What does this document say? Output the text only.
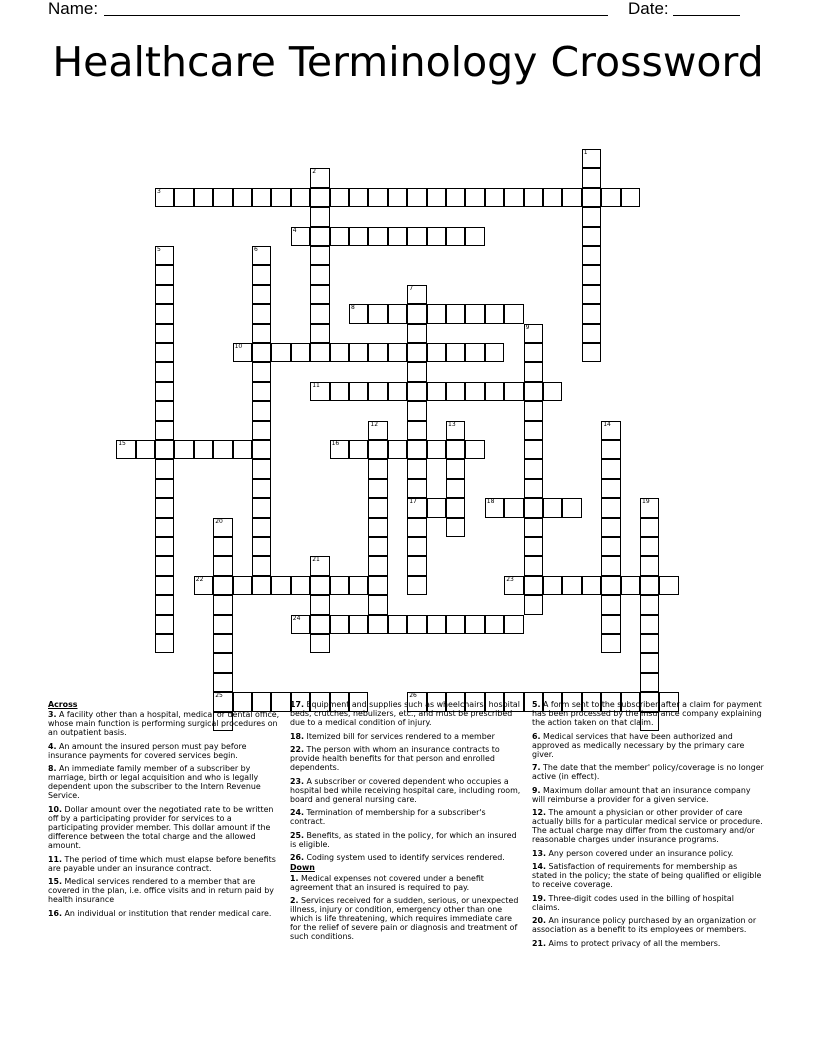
Name:	Date:
Healthcare Terminology Crossword
1
2
3
4
5	6
7
17
8
9
10
11
12	13	14
15	16
18	19
20
25
21
22	23
24
26
Across
3. A facility other than a hospital, medical or dental office, whose main function is performing surgical procedures on an outpatient basis.
4. An amount the insured person must pay before insurance payments for covered services begin.
8. An immediate family member of a subscriber by marriage, birth or legal acquisition and who is legally dependent upon the subscriber to the Intern Revenue Service.
10. Dollar amount over the negotiated rate to be written off by a participating provider for services to a participating provider member. This dollar amount if the difference between the total charge and the allowed amount.
11. The period of time which must elapse before benefits are payable under an insurance contract.
15. Medical services rendered to a member that are covered in the plan, i.e. office visits and in return paid by health insurance
16. An individual or institution that render medical care.
17. Equipment and supplies such as wheelchairs, hospital beds, crutches, nebulizers, etc., and must be prescribed due to a medical condition of injury.
18. Itemized bill for services rendered to a member
22. The person with whom an insurance contracts to provide health benefits for that person and enrolled dependents.
23. A subscriber or covered dependent who occupies a hospital bed while receiving hospital care, including room, board and general nursing care.
24. Termination of membership for a subscriber's contract.
25. Benefits, as stated in the policy, for which an insured is eligible.
26. Coding system used to identify services rendered.
Down
1. Medical expenses not covered under a benefit agreement that an insured is required to pay.
2. Services received for a sudden, serious, or unexpected illness, injury or condition, emergency other than one which is life threatening, which requires immediate care for the relief of severe pain or diagnosis and treatment of such conditions.
5. A form sent to the subscriber after a claim for payment has been processed by the insurance company explaining the action taken on that claim.
6. Medical services that have been authorized and approved as medically necessary by the primary care giver.
7. The date that the member' policy/coverage is no longer active (in effect).
9. Maximum dollar amount that an insurance company will reimburse a provider for a given service.
12. The amount a physician or other provider of care actually bills for a particular medical service or procedure. The actual charge may differ from the customary and/or reasonable charges under insurance programs.
13. Any person covered under an insurance policy.
14. Satisfaction of requirements for membership as stated in the policy; the state of being qualified or eligible to receive coverage.
19. Three-digit codes used in the billing of hospital claims.
20. An insurance policy purchased by an organization or association as a benefit to its employees or members.
21. Aims to protect privacy of all the members.
